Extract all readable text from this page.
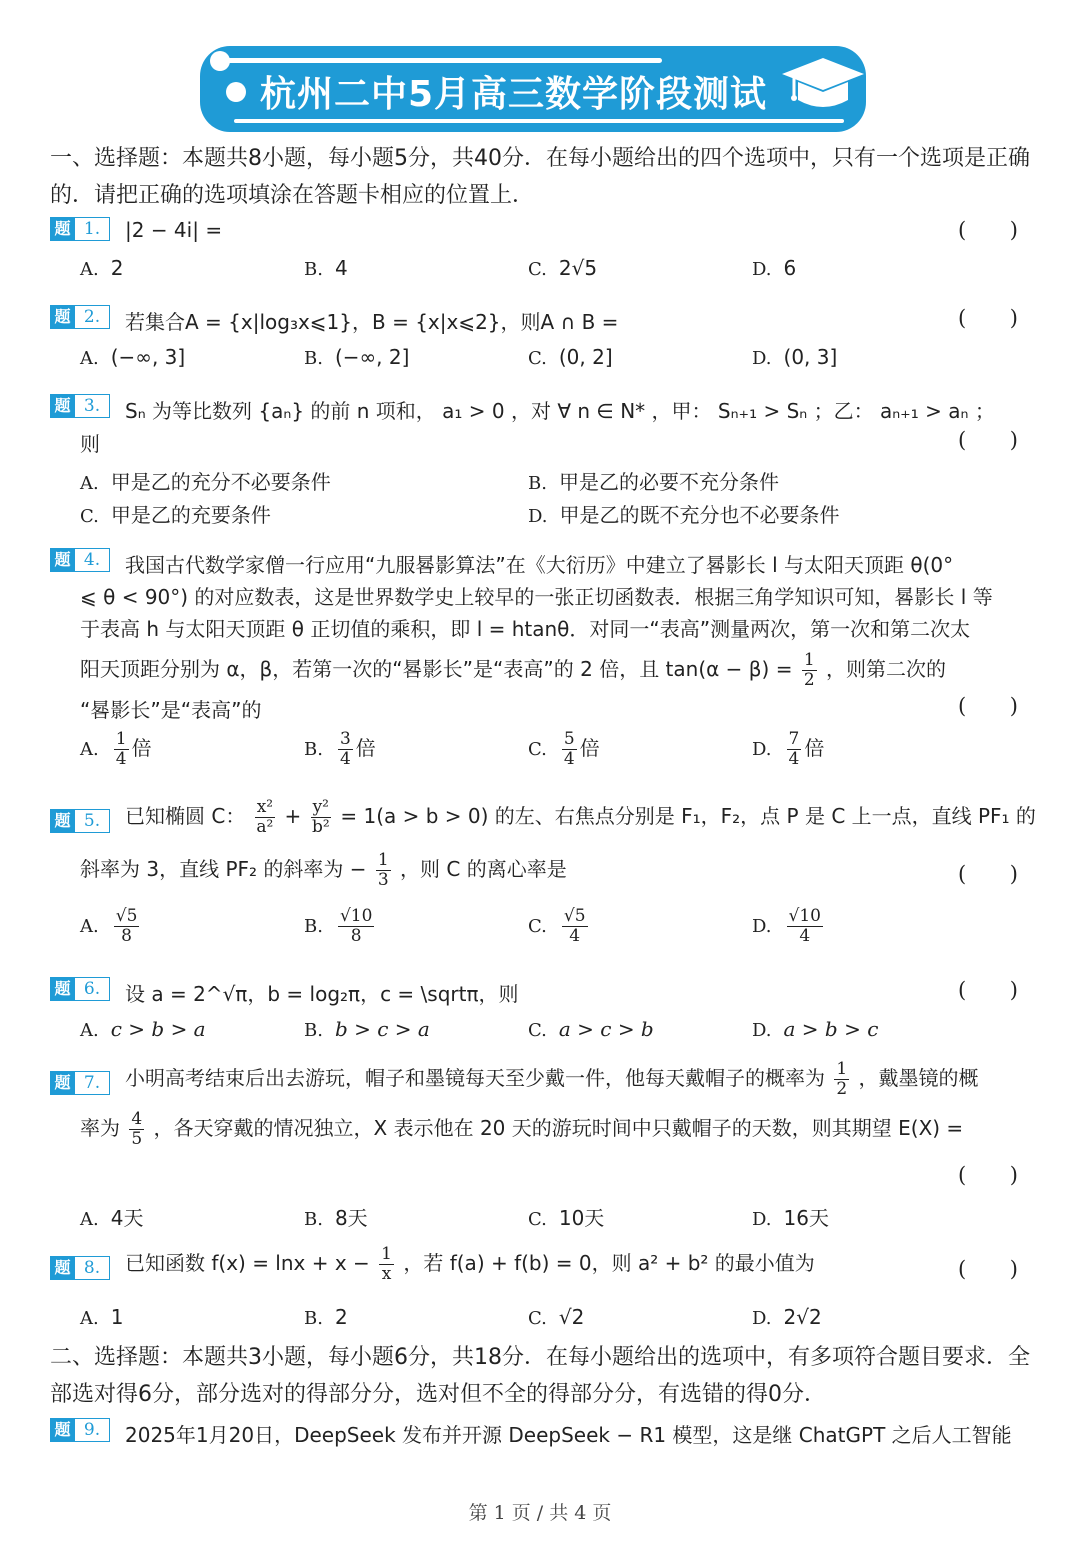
杭州二中5月高三数学阶段测试
一、选择题：本题共8小题，每小题5分，共40分．在每小题给出的四个选项中，只有一个选项是正确的．请把正确的选项填涂在答题卡相应的位置上．
题 1.	|2 − 4i| =	( )
A. 2	B. 4	C. 2√5	D. 6
题 2.	若集合A = {x|log₃x⩽1}，B = {x|x⩽2}，则A ∩ B =	( )
A. (−∞, 3]	B. (−∞, 2]	C. (0, 2]	D. (0, 3]
题 3.	Sₙ 为等比数列 {aₙ} 的前 n 项和， a₁ > 0 ，对 ∀ n ∈ N* ，甲： Sₙ₊₁ > Sₙ ；乙： aₙ₊₁ > aₙ ；
则	( )
A. 甲是乙的充分不必要条件	B. 甲是乙的必要不充分条件
C. 甲是乙的充要条件	D. 甲是乙的既不充分也不必要条件
题 4.	我国古代数学家僧一行应用“九服晷影算法”在《大衍历》中建立了晷影长 l 与太阳天顶距 θ(0°
⩽ θ < 90°) 的对应数表，这是世界数学史上较早的一张正切函数表．根据三角学知识可知，晷影长 l 等
于表高 h 与太阳天顶距 θ 正切值的乘积，即 l = htanθ．对同一“表高”测量两次，第一次和第二次太
阳天顶距分别为 α，β，若第一次的“晷影长”是“表高”的 2 倍，且 $\tan(\alpha - \beta) = \frac{1}{2}$ ，则第二次的
“晷影长”是“表高”的	( )
A. $\frac{1}{4}$ 倍	B. $\frac{3}{4}$ 倍	C. $\frac{5}{4}$ 倍	D. $\frac{7}{4}$ 倍
题 5.	已知椭圆 C： $\frac{\text{x²}}{\text{a²}} + \frac{\text{y²}}{\text{b²}} = 1(a > b > 0)$ 的左、右焦点分别是 F₁，F₂，点 P 是 C 上一点，直线 PF₁ 的
斜率为 3，直线 PF₂ 的斜率为 − $\frac{1}{3}$ ，则 C 的离心率是	( )
A. $\frac{√5}{8}$	B. $\frac{√10}{8}$	C. $\frac{√5}{4}$	D. $\frac{√10}{4}$
题 6.	设 a = 2^√π，b = log₂π，c = \sqrtπ，则	( )
A. c > b > a	B. b > c > a	C. a > c > b	D. a > b > c
题 7.	小明高考结束后出去游玩，帽子和墨镜每天至少戴一件，他每天戴帽子的概率为 $\frac{1}{2}$ ，戴墨镜的概
率为 $\frac{4}{5}$ ，各天穿戴的情况独立，X 表示他在 20 天的游玩时间中只戴帽子的天数，则其期望 E(X) =
( )
A. 4天	B. 8天	C. 10天	D. 16天
题 8.	已知函数 $f(x) = \ln x + x - \frac{1}{x}$ ，若 f(a) + f(b) = 0，则 a² + b² 的最小值为	( )
A. 1	B. 2	C. √2	D. 2√2
二、选择题：本题共3小题，每小题6分，共18分．在每小题给出的选项中，有多项符合题目要求．全部选对得6分，部分选对的得部分分，选对但不全的得部分分，有选错的得0分．
题 9.	2025年1月20日，DeepSeek 发布并开源 DeepSeek − R1 模型，这是继 ChatGPT 之后人工智能
第 1 页 / 共 4 页
